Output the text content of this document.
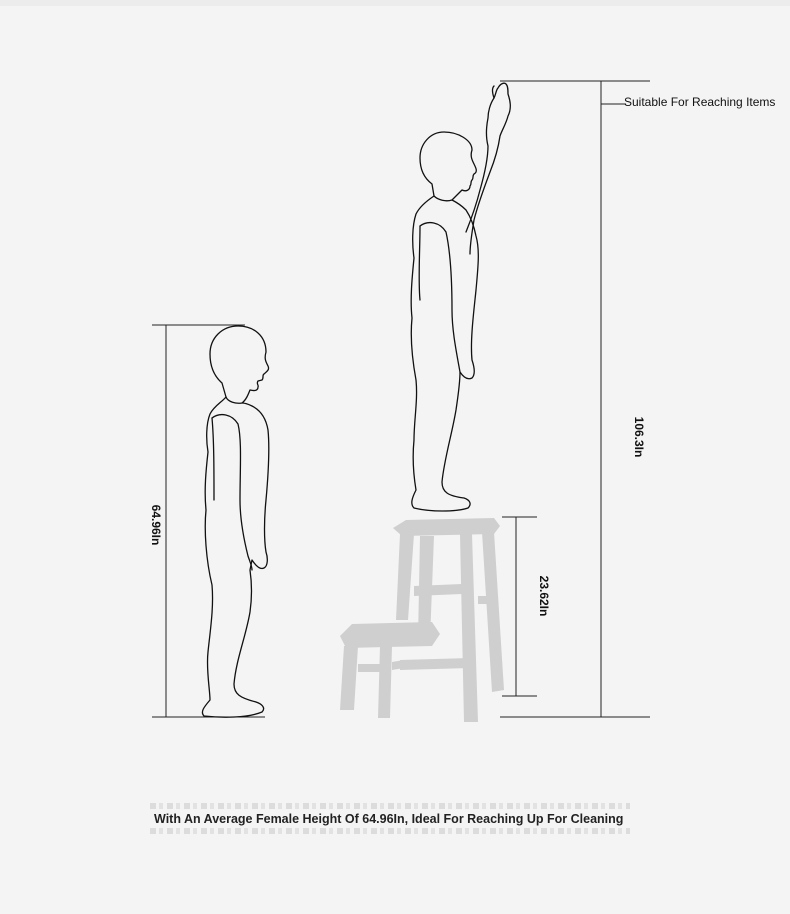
Suitable For Reaching Items
64.96In
106.3In
23.62In
With An Average Female Height Of 64.96In, Ideal For Reaching Up For Cleaning
